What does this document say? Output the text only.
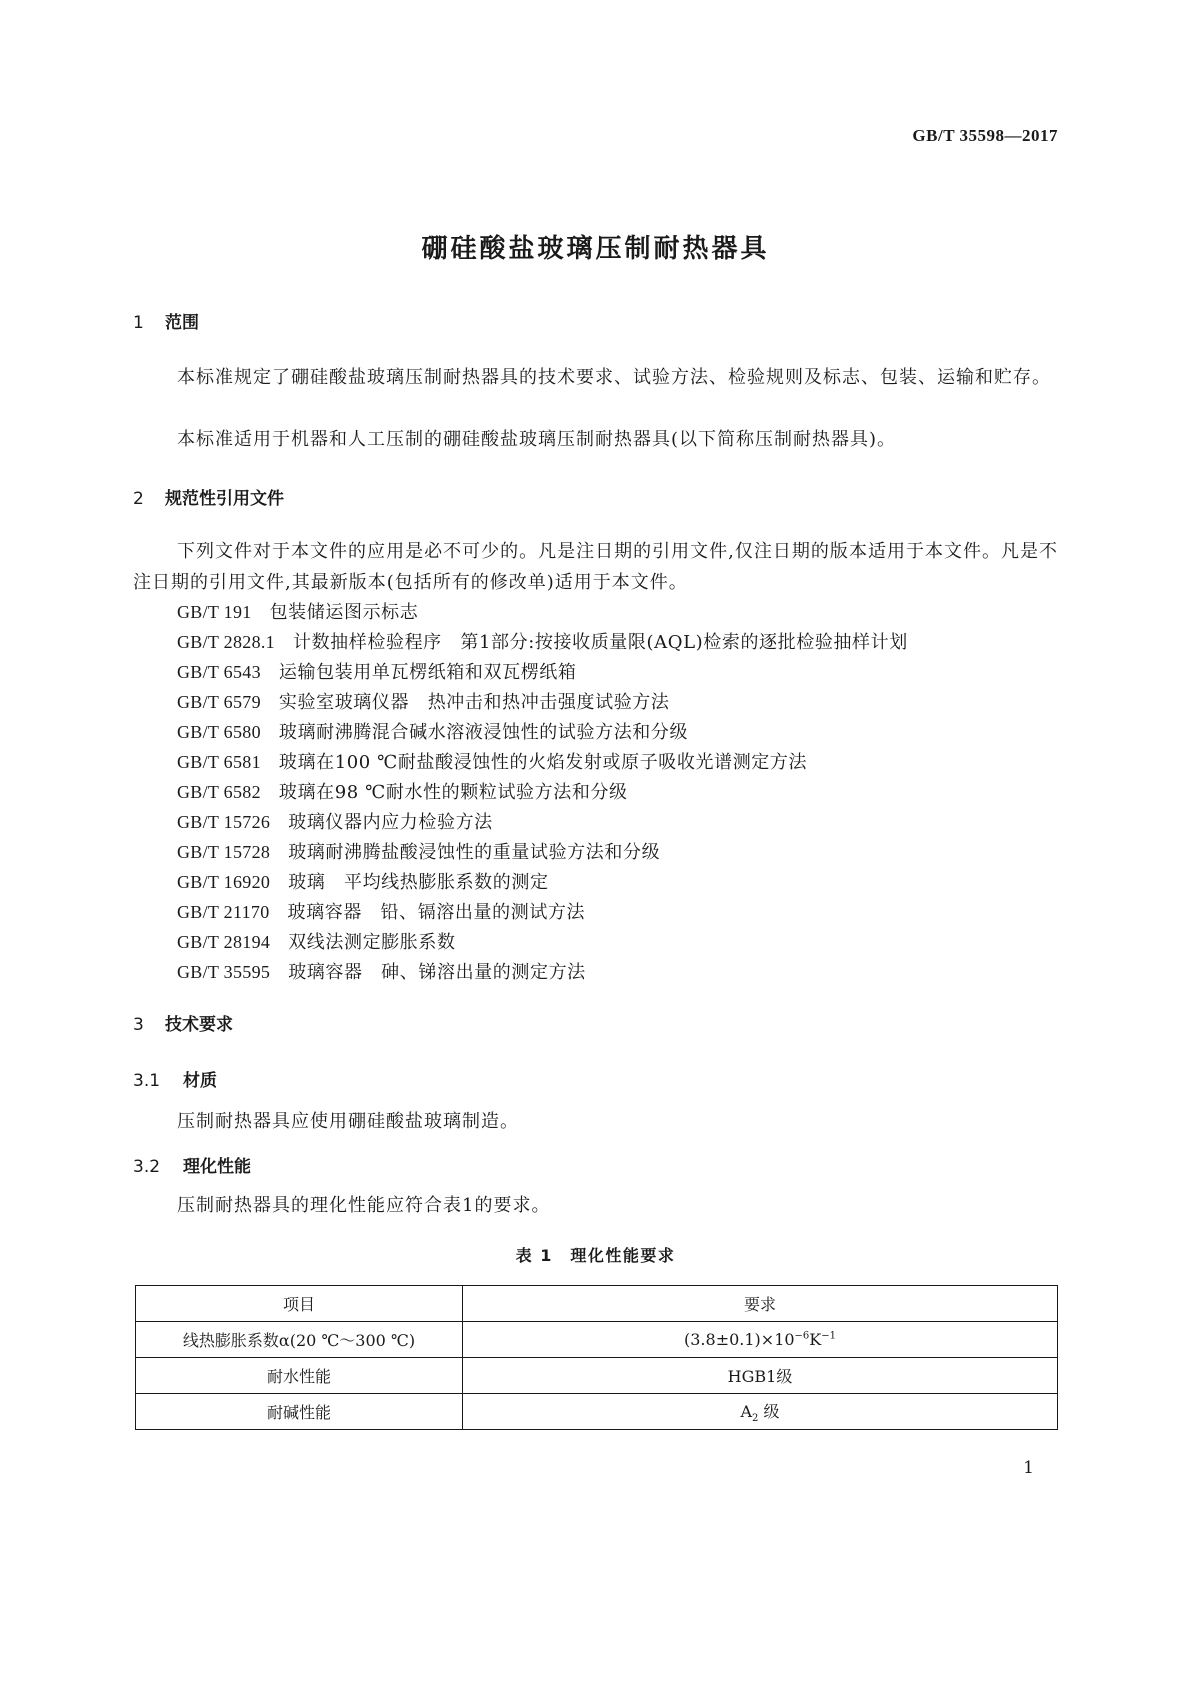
GB/T 35598—2017
硼硅酸盐玻璃压制耐热器具
1 范围
本标准规定了硼硅酸盐玻璃压制耐热器具的技术要求、试验方法、检验规则及标志、包装、运输和贮存。
本标准适用于机器和人工压制的硼硅酸盐玻璃压制耐热器具(以下简称压制耐热器具)。
2 规范性引用文件
下列文件对于本文件的应用是必不可少的。凡是注日期的引用文件,仅注日期的版本适用于本文件。凡是不注日期的引用文件,其最新版本(包括所有的修改单)适用于本文件。
GB/T 191 包装储运图示标志
GB/T 2828.1 计数抽样检验程序　第1部分:按接收质量限(AQL)检索的逐批检验抽样计划
GB/T 6543 运输包装用单瓦楞纸箱和双瓦楞纸箱
GB/T 6579 实验室玻璃仪器　热冲击和热冲击强度试验方法
GB/T 6580 玻璃耐沸腾混合碱水溶液浸蚀性的试验方法和分级
GB/T 6581 玻璃在100 ℃耐盐酸浸蚀性的火焰发射或原子吸收光谱测定方法
GB/T 6582 玻璃在98 ℃耐水性的颗粒试验方法和分级
GB/T 15726 玻璃仪器内应力检验方法
GB/T 15728 玻璃耐沸腾盐酸浸蚀性的重量试验方法和分级
GB/T 16920 玻璃　平均线热膨胀系数的测定
GB/T 21170 玻璃容器　铅、镉溶出量的测试方法
GB/T 28194 双线法测定膨胀系数
GB/T 35595 玻璃容器　砷、锑溶出量的测定方法
3 技术要求
3.1 材质
压制耐热器具应使用硼硅酸盐玻璃制造。
3.2 理化性能
压制耐热器具的理化性能应符合表1的要求。
表 1　理化性能要求
项目	要求
线热膨胀系数α(20 ℃～300 ℃)	$(3.8\pm 0.1)\times 10^{-6}K^{-1}$
耐水性能	HGB1级
耐碱性能	$A_2$ 级
1
